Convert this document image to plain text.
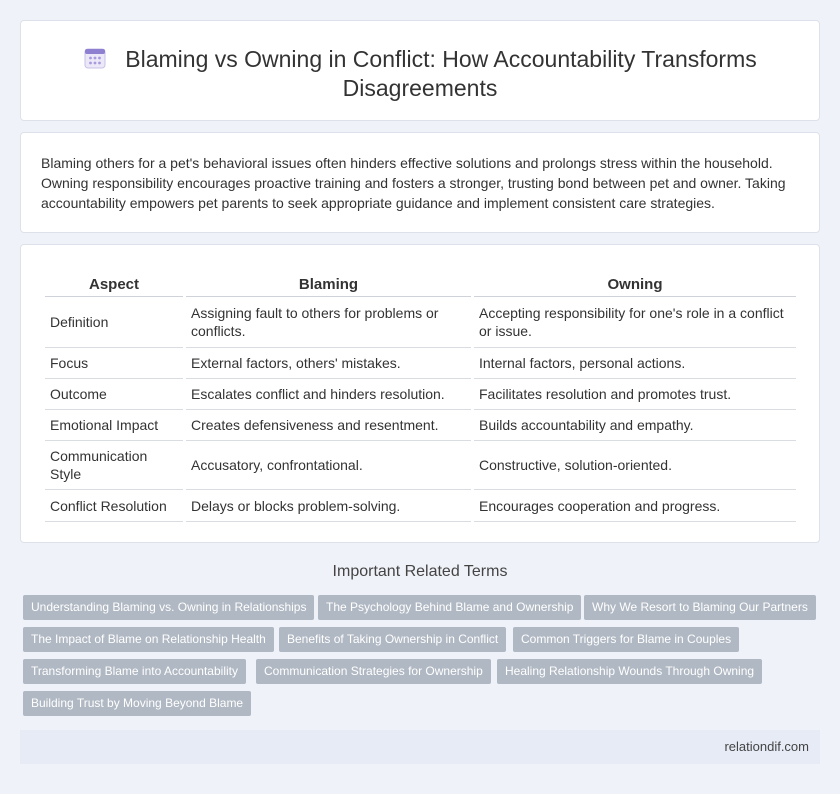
Blaming vs Owning in Conflict: How Accountability Transforms Disagreements

Blaming others for a pet's behavioral issues often hinders effective solutions and prolongs stress within the household. Owning responsibility encourages proactive training and fosters a stronger, trusting bond between pet and owner. Taking accountability empowers pet parents to seek appropriate guidance and implement consistent care strategies.

Aspect	Blaming	Owning
Definition	Assigning fault to others for problems or conflicts.	Accepting responsibility for one's role in a conflict or issue.
Focus	External factors, others' mistakes.	Internal factors, personal actions.
Outcome	Escalates conflict and hinders resolution.	Facilitates resolution and promotes trust.
Emotional Impact	Creates defensiveness and resentment.	Builds accountability and empathy.
Communication Style	Accusatory, confrontational.	Constructive, solution-oriented.
Conflict Resolution	Delays or blocks problem-solving.	Encourages cooperation and progress.
Important Related Terms
Understanding Blaming vs. Owning in Relationships	The Psychology Behind Blame and Ownership	Why We Resort to Blaming Our Partners
The Impact of Blame on Relationship Health	Benefits of Taking Ownership in Conflict	Common Triggers for Blame in Couples
Transforming Blame into Accountability	Communication Strategies for Ownership	Healing Relationship Wounds Through Owning
Building Trust by Moving Beyond Blame
relationdif.com
